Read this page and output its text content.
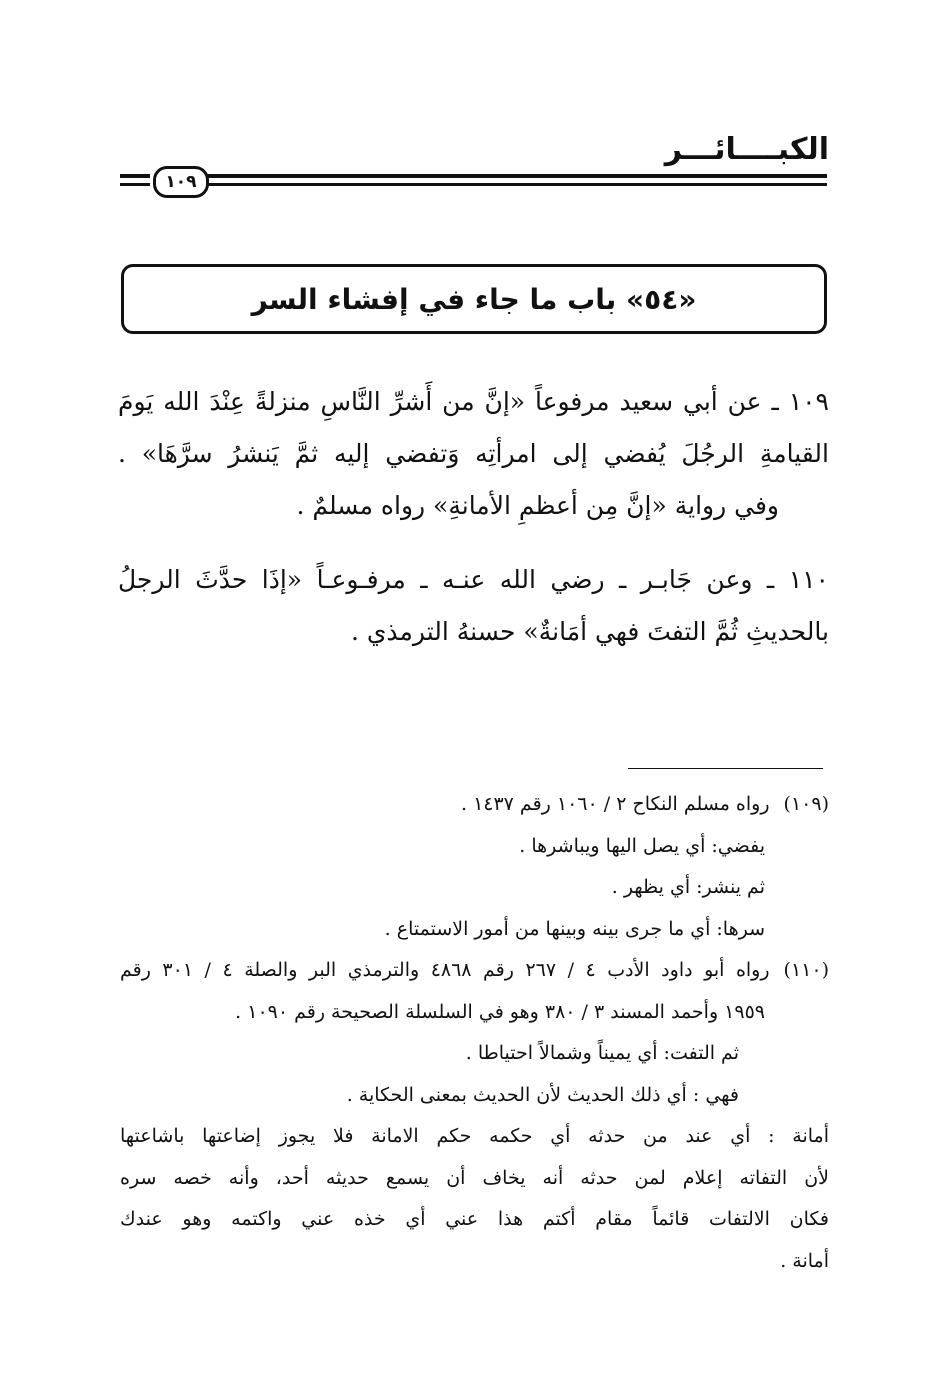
الكبــــائـــر
١٠٩
«٥٤» باب ما جاء في إفشاء السر
١٠٩ ـ عن أبي سعيد مرفوعاً «إنَّ من أَشرِّ النَّاسِ منزلةً عِنْدَ الله يَومَ
القيامةِ الرجُلَ يُفضي إلى امرأتِه وَتفضي إليه ثمَّ يَنشرُ سرَّهَا» .
وفي رواية «إنَّ مِن أعظمِ الأمانةِ» رواه مسلمٌ .
١١٠ ـ وعن جَابـر ـ رضي الله عنـه ـ مرفـوعـاً «إذَا حدَّثَ الرجلُ
بالحديثِ ثُمَّ التفتَ فهي أمَانةٌ» حسنهُ الترمذي .
(١٠٩)رواه مسلم النكاح ٢ / ١٠٦٠ رقم ١٤٣٧ .
يفضي: أي يصل اليها ويباشرها .
ثم ينشر: أي يظهر .
سرها: أي ما جرى بينه وبينها من أمور الاستمتاع .
(١١٠)رواه أبو داود الأدب ٤ / ٢٦٧ رقم ٤٨٦٨ والترمذي البر والصلة ٤ / ٣٠١ رقم
١٩٥٩ وأحمد المسند ٣ / ٣٨٠ وهو في السلسلة الصحيحة رقم ١٠٩٠ .
ثم التفت: أي يميناً وشمالاً احتياطا .
فهي : أي ذلك الحديث لأن الحديث بمعنى الحكاية .
أمانة : أي عند من حدثه أي حكمه حكم الامانة فلا يجوز إضاعتها باشاعتها
لأن التفاته إعلام لمن حدثه أنه يخاف أن يسمع حديثه أحد، وأنه خصه سره
فكان الالتفات قائماً مقام أكتم هذا عني أي خذه عني واكتمه وهو عندك
أمانة .
